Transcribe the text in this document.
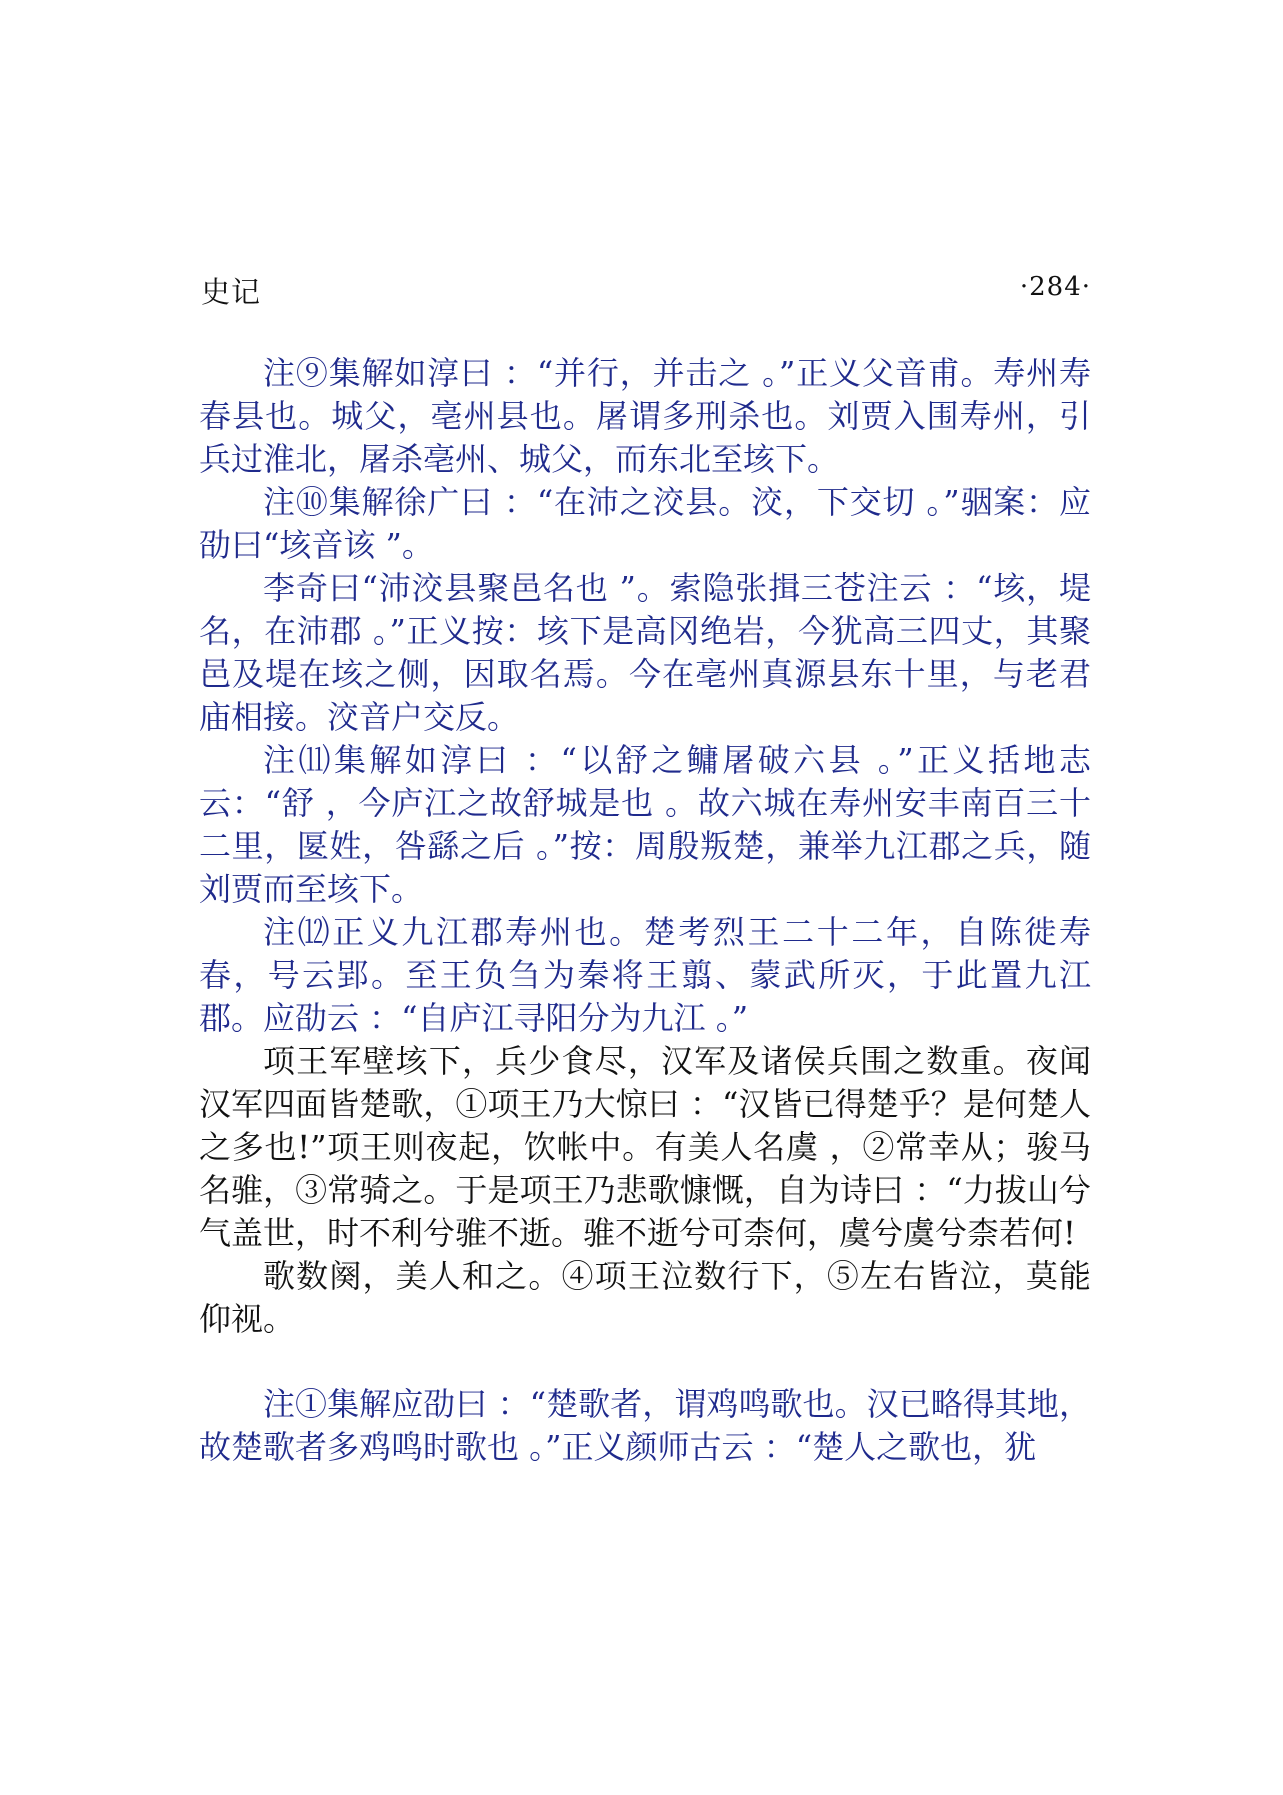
史记	·284·

注⑨集解如淳曰 ：“并行，并击之 。”正义父音甫。寿州寿春县也。城父，亳州县也。屠谓多刑杀也。刘贾入围寿州，引兵过淮北，屠杀亳州、城父，而东北至垓下。

注⑩集解徐广曰 ：“在沛之洨县。洨，下交切 。”骃案：应劭曰“垓音该 ”。

李奇曰“沛洨县聚邑名也 ”。索隐张揖三苍注云 ：“垓，堤名，在沛郡 。”正义按：垓下是高冈绝岩，今犹高三四丈，其聚邑及堤在垓之侧，因取名焉。今在亳州真源县东十里，与老君庙相接。洨音户交反。

注⑾集解如淳曰 ：“以舒之鳙屠破六县 。”正义括地志云：“舒 ，今庐江之故舒城是也 。故六城在寿州安丰南百三十二里，匽姓，咎繇之后 。”按：周殷叛楚，兼举九江郡之兵，随刘贾而至垓下。

注⑿正义九江郡寿州也。楚考烈王二十二年，自陈徙寿春，号云郢。至王负刍为秦将王翦、蒙武所灭，于此置九江郡。应劭云 ：“自庐江寻阳分为九江 。”

项王军壁垓下，兵少食尽，汉军及诸侯兵围之数重。夜闻汉军四面皆楚歌，①项王乃大惊曰 ：“汉皆已得楚乎？是何楚人之多也!”项王则夜起，饮帐中。有美人名虞 ，②常幸从；骏马名骓，③常骑之。于是项王乃悲歌慷慨，自为诗曰 ：“力拔山兮气盖世，时不利兮骓不逝。骓不逝兮可柰何，虞兮虞兮柰若何!

歌数阕，美人和之。④项王泣数行下，⑤左右皆泣，莫能仰视。

注①集解应劭曰 ：“楚歌者，谓鸡鸣歌也。汉已略得其地，故楚歌者多鸡鸣时歌也 。”正义颜师古云 ：“楚人之歌也，犹
